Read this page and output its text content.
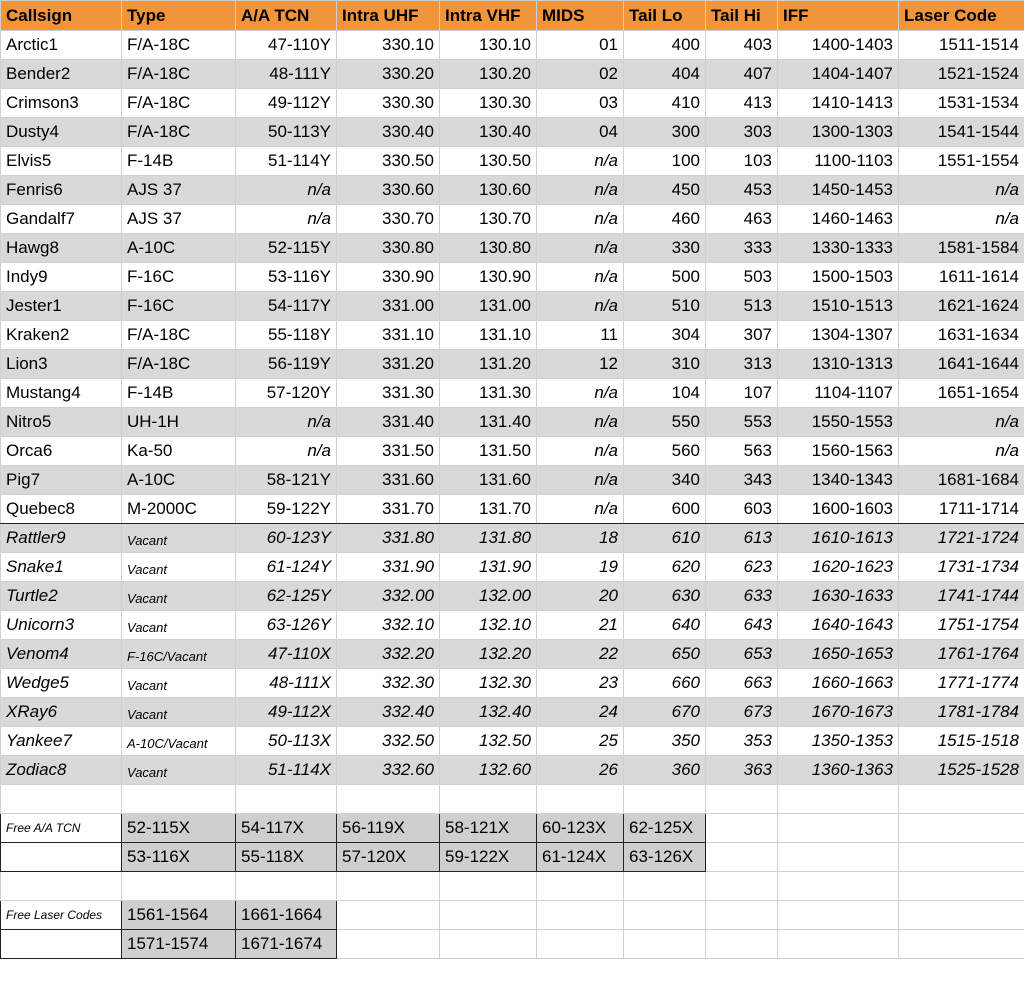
Callsign	Type	A/A TCN	Intra UHF	Intra VHF	MIDS	Tail Lo	Tail Hi	IFF	Laser Code
Arctic1	F/A-18C	47-110Y	330.10	130.10	01	400	403	1400-1403	1511-1514
Bender2	F/A-18C	48-111Y	330.20	130.20	02	404	407	1404-1407	1521-1524
Crimson3	F/A-18C	49-112Y	330.30	130.30	03	410	413	1410-1413	1531-1534
Dusty4	F/A-18C	50-113Y	330.40	130.40	04	300	303	1300-1303	1541-1544
Elvis5	F-14B	51-114Y	330.50	130.50	n/a	100	103	1100-1103	1551-1554
Fenris6	AJS 37	n/a	330.60	130.60	n/a	450	453	1450-1453	n/a
Gandalf7	AJS 37	n/a	330.70	130.70	n/a	460	463	1460-1463	n/a
Hawg8	A-10C	52-115Y	330.80	130.80	n/a	330	333	1330-1333	1581-1584
Indy9	F-16C	53-116Y	330.90	130.90	n/a	500	503	1500-1503	1611-1614
Jester1	F-16C	54-117Y	331.00	131.00	n/a	510	513	1510-1513	1621-1624
Kraken2	F/A-18C	55-118Y	331.10	131.10	11	304	307	1304-1307	1631-1634
Lion3	F/A-18C	56-119Y	331.20	131.20	12	310	313	1310-1313	1641-1644
Mustang4	F-14B	57-120Y	331.30	131.30	n/a	104	107	1104-1107	1651-1654
Nitro5	UH-1H	n/a	331.40	131.40	n/a	550	553	1550-1553	n/a
Orca6	Ka-50	n/a	331.50	131.50	n/a	560	563	1560-1563	n/a
Pig7	A-10C	58-121Y	331.60	131.60	n/a	340	343	1340-1343	1681-1684
Quebec8	M-2000C	59-122Y	331.70	131.70	n/a	600	603	1600-1603	1711-1714
Rattler9	Vacant	60-123Y	331.80	131.80	18	610	613	1610-1613	1721-1724
Snake1	Vacant	61-124Y	331.90	131.90	19	620	623	1620-1623	1731-1734
Turtle2	Vacant	62-125Y	332.00	132.00	20	630	633	1630-1633	1741-1744
Unicorn3	Vacant	63-126Y	332.10	132.10	21	640	643	1640-1643	1751-1754
Venom4	F-16C/Vacant	47-110X	332.20	132.20	22	650	653	1650-1653	1761-1764
Wedge5	Vacant	48-111X	332.30	132.30	23	660	663	1660-1663	1771-1774
XRay6	Vacant	49-112X	332.40	132.40	24	670	673	1670-1673	1781-1784
Yankee7	A-10C/Vacant	50-113X	332.50	132.50	25	350	353	1350-1353	1515-1518
Zodiac8	Vacant	51-114X	332.60	132.60	26	360	363	1360-1363	1525-1528

Free A/A TCN	52-115X	54-117X	56-119X	58-121X	60-123X	62-125X			
	53-116X	55-118X	57-120X	59-122X	61-124X	63-126X			

Free Laser Codes	1561-1564	1661-1664							
	1571-1574	1671-1674							
